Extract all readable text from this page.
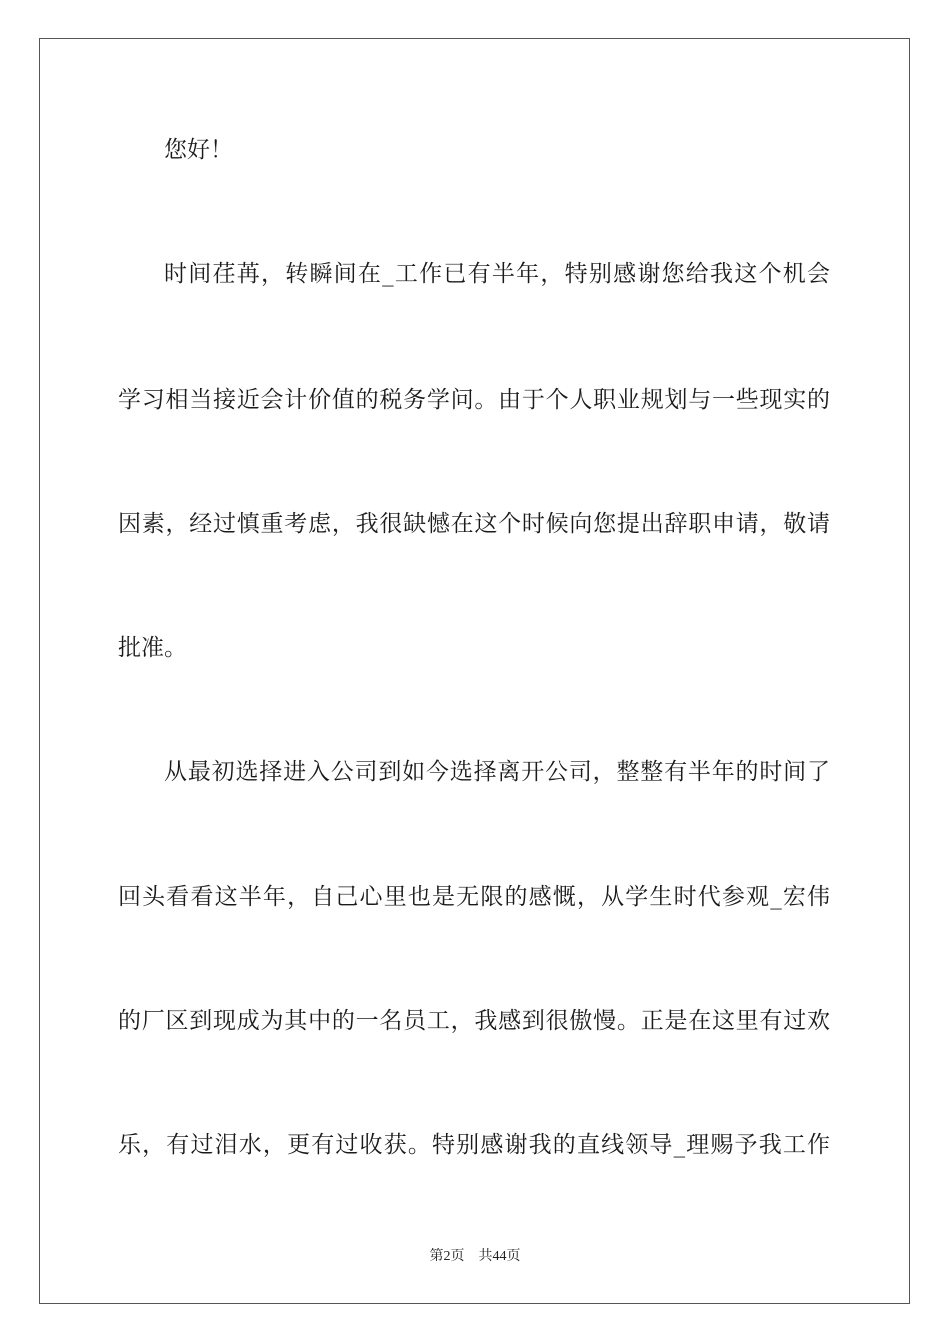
您好！
时间荏苒，转瞬间在_工作已有半年，特别感谢您给我这个机会
学习相当接近会计价值的税务学问。由于个人职业规划与一些现实的
因素，经过慎重考虑，我很缺憾在这个时候向您提出辞职申请，敬请
批准。
从最初选择进入公司到如今选择离开公司，整整有半年的时间了
回头看看这半年，自己心里也是无限的感慨，从学生时代参观_宏伟
的厂区到现成为其中的一名员工，我感到很傲慢。正是在这里有过欢
乐，有过泪水，更有过收获。特别感谢我的直线领导_理赐予我工作
第2页　共44页
